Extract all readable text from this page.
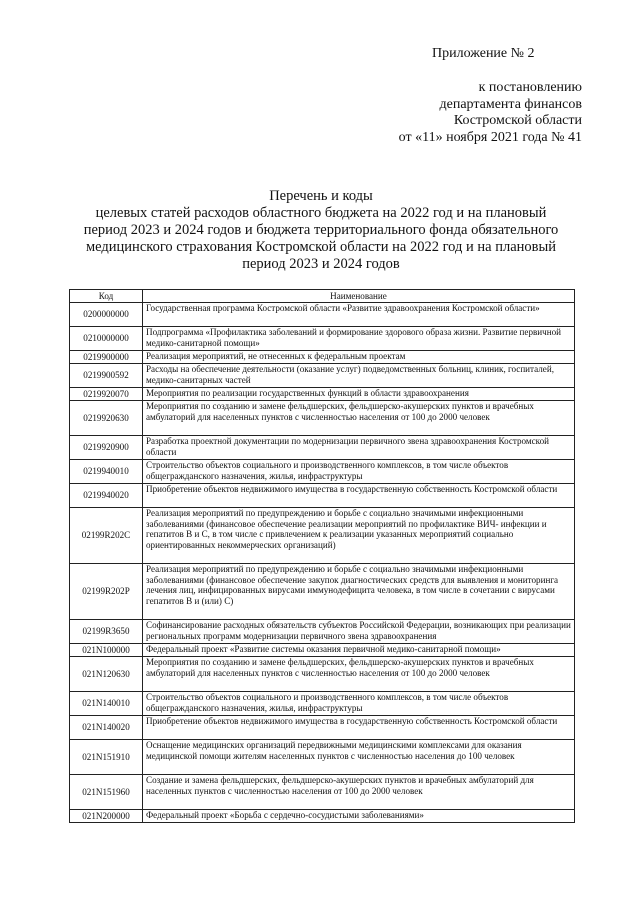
Приложение № 2
к постановлению
департамента финансов
Костромской области
от «11» ноября 2021 года № 41
Перечень и коды
целевых статей расходов областного бюджета на 2022 год и на плановый
период 2023 и 2024 годов и бюджета территориального фонда обязательного
медицинского страхования Костромской области на 2022 год и на плановый
период 2023 и 2024 годов
Код	Наименование
0200000000	Государственная программа Костромской области «Развитие здравоохранения Костромской области»
0210000000	Подпрограмма «Профилактика заболеваний и формирование здорового образа жизни. Развитие первичной медико-санитарной помощи»
0219900000	Реализация мероприятий, не отнесенных к федеральным проектам
0219900592	Расходы на обеспечение деятельности (оказание услуг) подведомственных больниц, клиник, госпиталей, медико-санитарных частей
0219920070	Мероприятия по реализации государственных функций в области здравоохранения
0219920630	Мероприятия по созданию и замене фельдшерских, фельдшерско-акушерских пунктов и врачебных амбулаторий для населенных пунктов с численностью населения от 100 до 2000 человек
0219920900	Разработка проектной документации по модернизации первичного звена здравоохранения Костромской области
0219940010	Строительство объектов социального и производственного комплексов, в том числе объектов общегражданского назначения, жилья, инфраструктуры
0219940020	Приобретение объектов недвижимого имущества в государственную собственность Костромской области
02199R202C	Реализация мероприятий по предупреждению и борьбе с социально значимыми инфекционными заболеваниями (финансовое обеспечение реализации мероприятий по профилактике ВИЧ- инфекции и гепатитов В и С, в том числе с привлечением к реализации указанных мероприятий социально ориентированных некоммерческих организаций)
02199R202P	Реализация мероприятий по предупреждению и борьбе с социально значимыми инфекционными заболеваниями (финансовое обеспечение закупок диагностических средств для выявления и мониторинга лечения лиц, инфицированных вирусами иммунодефицита человека, в том числе в сочетании с вирусами гепатитов В и (или) С)
02199R3650	Софинансирование расходных обязательств субъектов Российской Федерации, возникающих при реализации региональных программ модернизации первичного звена здравоохранения
021N100000	Федеральный проект «Развитие системы оказания первичной медико-санитарной помощи»
021N120630	Мероприятия по созданию и замене фельдшерских, фельдшерско-акушерских пунктов и врачебных амбулаторий для населенных пунктов с численностью населения от 100 до 2000 человек
021N140010	Строительство объектов социального и производственного комплексов, в том числе объектов общегражданского назначения, жилья, инфраструктуры
021N140020	Приобретение объектов недвижимого имущества в государственную собственность Костромской области
021N151910	Оснащение медицинских организаций передвижными медицинскими комплексами для оказания медицинской помощи жителям населенных пунктов с численностью населения до 100 человек
021N151960	Создание и замена фельдшерских, фельдшерско-акушерских пунктов и врачебных амбулаторий для населенных пунктов с численностью населения от 100 до 2000 человек
021N200000	Федеральный проект «Борьба с сердечно-сосудистыми заболеваниями»
